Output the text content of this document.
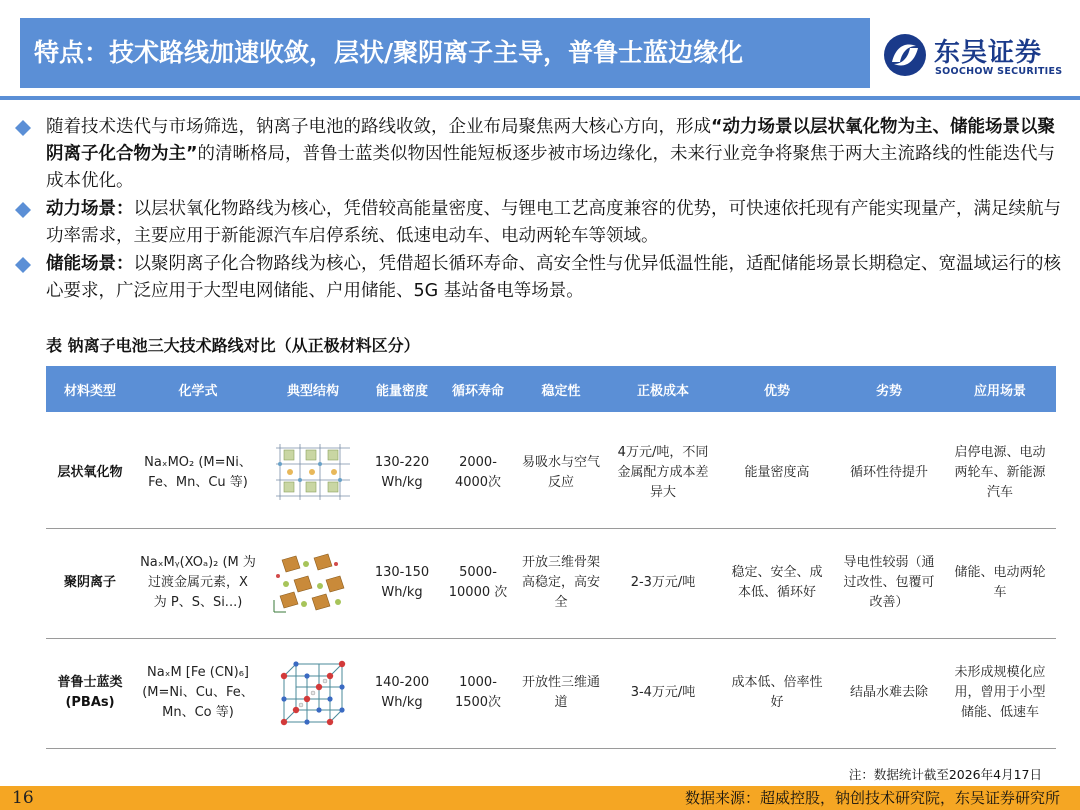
特点：技术路线加速收敛，层状/聚阴离子主导，普鲁士蓝边缘化	东吴证券
SOOCHOW SECURITIES
随着技术迭代与市场筛选，钠离子电池的路线收敛，企业布局聚焦两大核心方向，形成“动力场景以层状氧化物为主、储能场景以聚阴离子化合物为主”的清晰格局，普鲁士蓝类似物因性能短板逐步被市场边缘化，未来行业竞争将聚焦于两大主流路线的性能迭代与成本优化。
动力场景：以层状氧化物路线为核心，凭借较高能量密度、与锂电工艺高度兼容的优势，可快速依托现有产能实现量产，满足续航与功率需求，主要应用于新能源汽车启停系统、低速电动车、电动两轮车等领域。
储能场景：以聚阴离子化合物路线为核心，凭借超长循环寿命、高安全性与优异低温性能，适配储能场景长期稳定、宽温域运行的核心要求，广泛应用于大型电网储能、户用储能、5G 基站备电等场景。
表 钠离子电池三大技术路线对比（从正极材料区分）
材料类型	化学式	典型结构	能量密度	循环寿命	稳定性	正极成本	优势	劣势	应用场景

层状氧化物	NaₓMO₂ (M=Ni、Fe、Mn、Cu 等)		130-220 Wh/kg	2000-4000次	易吸水与空气反应	4万元/吨，不同金属配方成本差异大	能量密度高	循环性待提升	启停电源、电动两轮车、新能源汽车
聚阴离子	NaₓMᵧ(XOₐ)₂ (M 为过渡金属元素，X 为 P、S、Si...)		130-150 Wh/kg	5000-10000 次	开放三维骨架高稳定，高安全	2-3万元/吨	稳定、安全、成本低、循环好	导电性较弱（通过改性、包覆可改善）	储能、电动两轮车
普鲁士蓝类 (PBAs)	NaₓM [Fe (CN)₆] (M=Ni、Cu、Fe、Mn、Co 等)		140-200 Wh/kg	1000-1500次	开放性三维通道	3-4万元/吨	成本低、倍率性好	结晶水难去除	未形成规模化应用，曾用于小型储能、低速车
注：数据统计截至2026年4月17日
16	数据来源：超威控股，钠创技术研究院，东吴证券研究所
